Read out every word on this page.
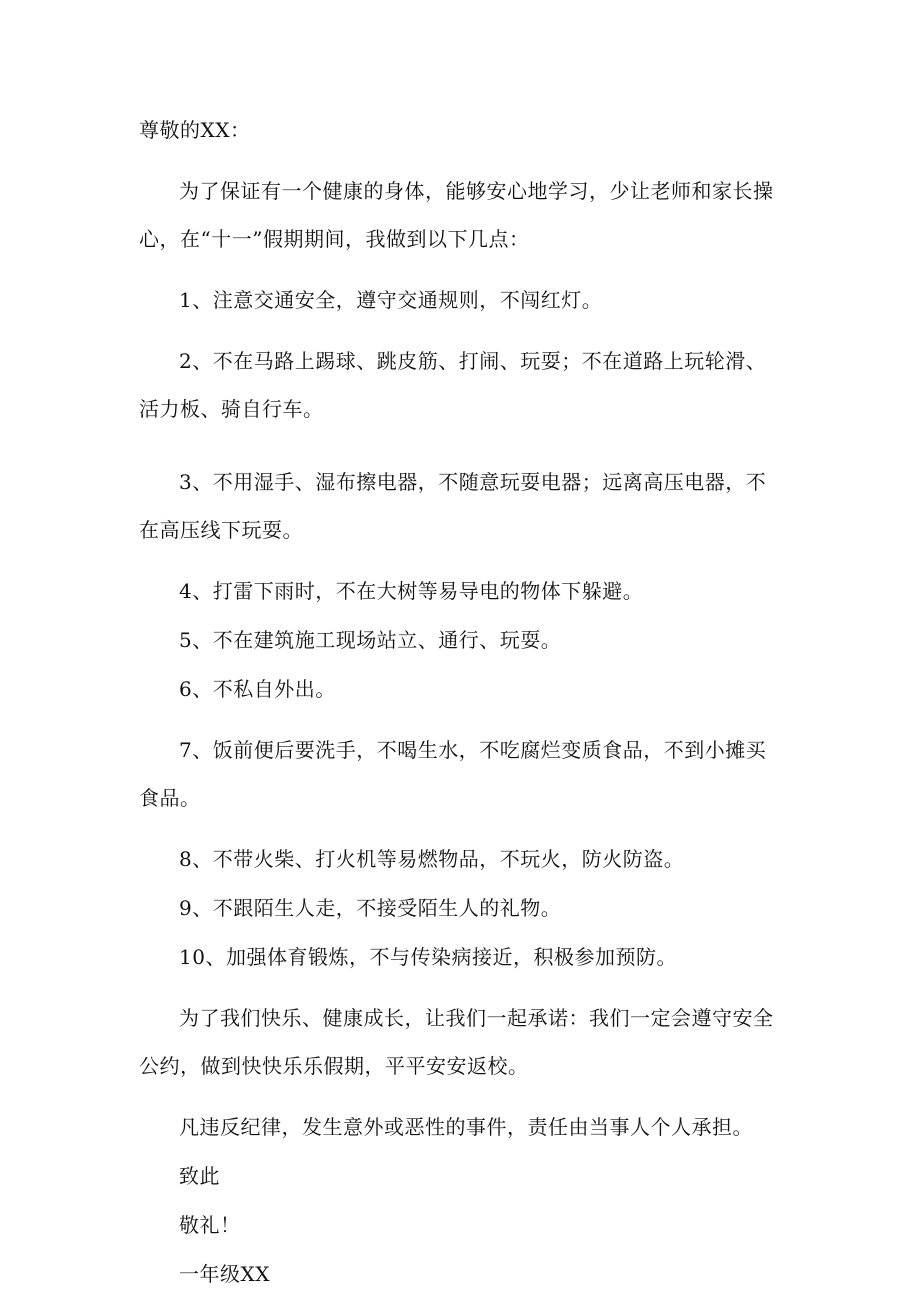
尊敬的XX：

为了保证有一个健康的身体，能够安心地学习，少让老师和家长操心，在“十一”假期期间，我做到以下几点：

1、注意交通安全，遵守交通规则，不闯红灯。

2、不在马路上踢球、跳皮筋、打闹、玩耍；不在道路上玩轮滑、活力板、骑自行车。

3、不用湿手、湿布擦电器，不随意玩耍电器；远离高压电器，不在高压线下玩耍。

4、打雷下雨时，不在大树等易导电的物体下躲避。

5、不在建筑施工现场站立、通行、玩耍。

6、不私自外出。

7、饭前便后要洗手，不喝生水，不吃腐烂变质食品，不到小摊买食品。

8、不带火柴、打火机等易燃物品，不玩火，防火防盗。

9、不跟陌生人走，不接受陌生人的礼物。

10、加强体育锻炼，不与传染病接近，积极参加预防。

为了我们快乐、健康成长，让我们一起承诺：我们一定会遵守安全公约，做到快快乐乐假期，平平安安返校。

凡违反纪律，发生意外或恶性的事件，责任由当事人个人承担。

致此

敬礼！

一年级XX
